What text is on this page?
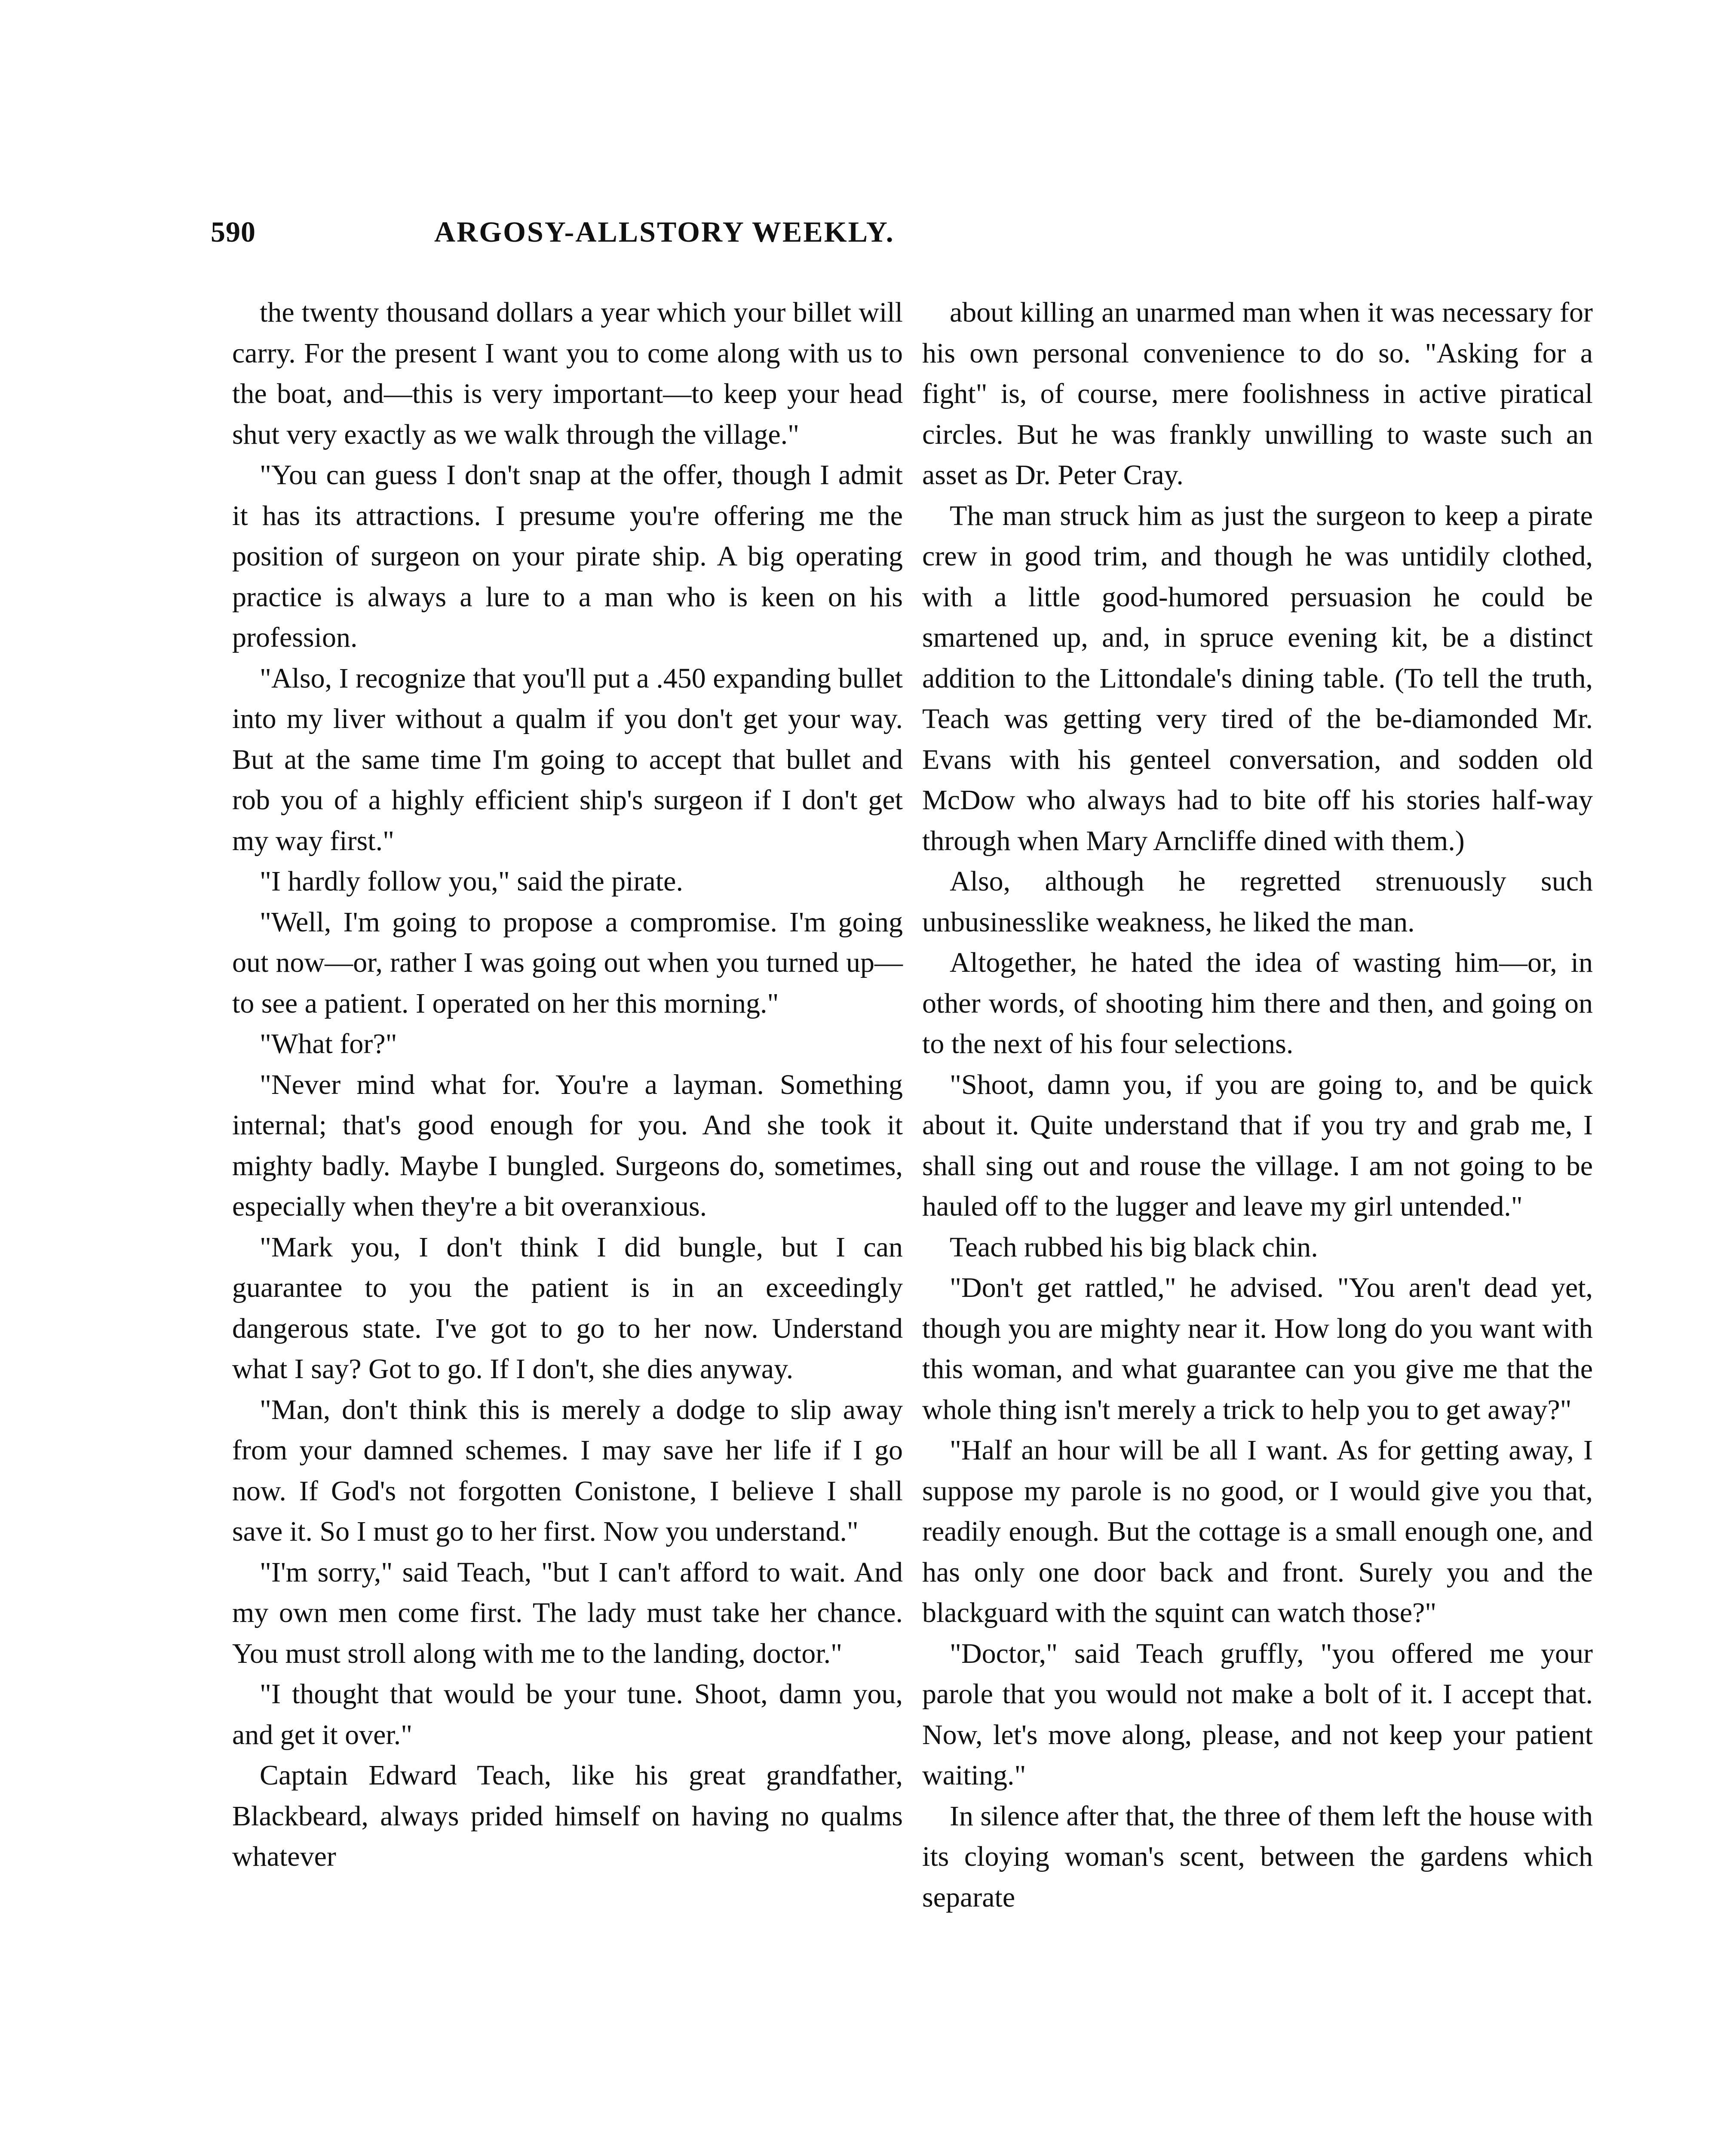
590	ARGOSY-ALLSTORY WEEKLY.

the twenty thousand dollars a year which your billet will carry. For the present I want you to come along with us to the boat, and—this is very important—to keep your head shut very exactly as we walk through the village."

"You can guess I don't snap at the offer, though I admit it has its attractions. I presume you're offering me the position of surgeon on your pirate ship. A big operating practice is always a lure to a man who is keen on his profession.

"Also, I recognize that you'll put a .450 expanding bullet into my liver without a qualm if you don't get your way. But at the same time I'm going to accept that bullet and rob you of a highly efficient ship's surgeon if I don't get my way first."

"I hardly follow you," said the pirate.

"Well, I'm going to propose a compromise. I'm going out now—or, rather I was going out when you turned up—to see a patient. I operated on her this morning."

"What for?"

"Never mind what for. You're a layman. Something internal; that's good enough for you. And she took it mighty badly. Maybe I bungled. Surgeons do, sometimes, especially when they're a bit overanxious.

"Mark you, I don't think I did bungle, but I can guarantee to you the patient is in an exceedingly dangerous state. I've got to go to her now. Understand what I say? Got to go. If I don't, she dies anyway.

"Man, don't think this is merely a dodge to slip away from your damned schemes. I may save her life if I go now. If God's not forgotten Conistone, I believe I shall save it. So I must go to her first. Now you understand."

"I'm sorry," said Teach, "but I can't afford to wait. And my own men come first. The lady must take her chance. You must stroll along with me to the landing, doctor."

"I thought that would be your tune. Shoot, damn you, and get it over."

Captain Edward Teach, like his great grandfather, Blackbeard, always prided himself on having no qualms whatever

about killing an unarmed man when it was necessary for his own personal convenience to do so. "Asking for a fight" is, of course, mere foolishness in active piratical circles. But he was frankly unwilling to waste such an asset as Dr. Peter Cray.

The man struck him as just the surgeon to keep a pirate crew in good trim, and though he was untidily clothed, with a little good-humored persuasion he could be smartened up, and, in spruce evening kit, be a distinct addition to the Littondale's dining table. (To tell the truth, Teach was getting very tired of the be-diamonded Mr. Evans with his genteel conversation, and sodden old McDow who always had to bite off his stories half-way through when Mary Arncliffe dined with them.)

Also, although he regretted strenuously such unbusinesslike weakness, he liked the man.

Altogether, he hated the idea of wasting him—or, in other words, of shooting him there and then, and going on to the next of his four selections.

"Shoot, damn you, if you are going to, and be quick about it. Quite understand that if you try and grab me, I shall sing out and rouse the village. I am not going to be hauled off to the lugger and leave my girl untended."

Teach rubbed his big black chin.

"Don't get rattled," he advised. "You aren't dead yet, though you are mighty near it. How long do you want with this woman, and what guarantee can you give me that the whole thing isn't merely a trick to help you to get away?"

"Half an hour will be all I want. As for getting away, I suppose my parole is no good, or I would give you that, readily enough. But the cottage is a small enough one, and has only one door back and front. Surely you and the blackguard with the squint can watch those?"

"Doctor," said Teach gruffly, "you offered me your parole that you would not make a bolt of it. I accept that. Now, let's move along, please, and not keep your patient waiting."

In silence after that, the three of them left the house with its cloying woman's scent, between the gardens which separate
